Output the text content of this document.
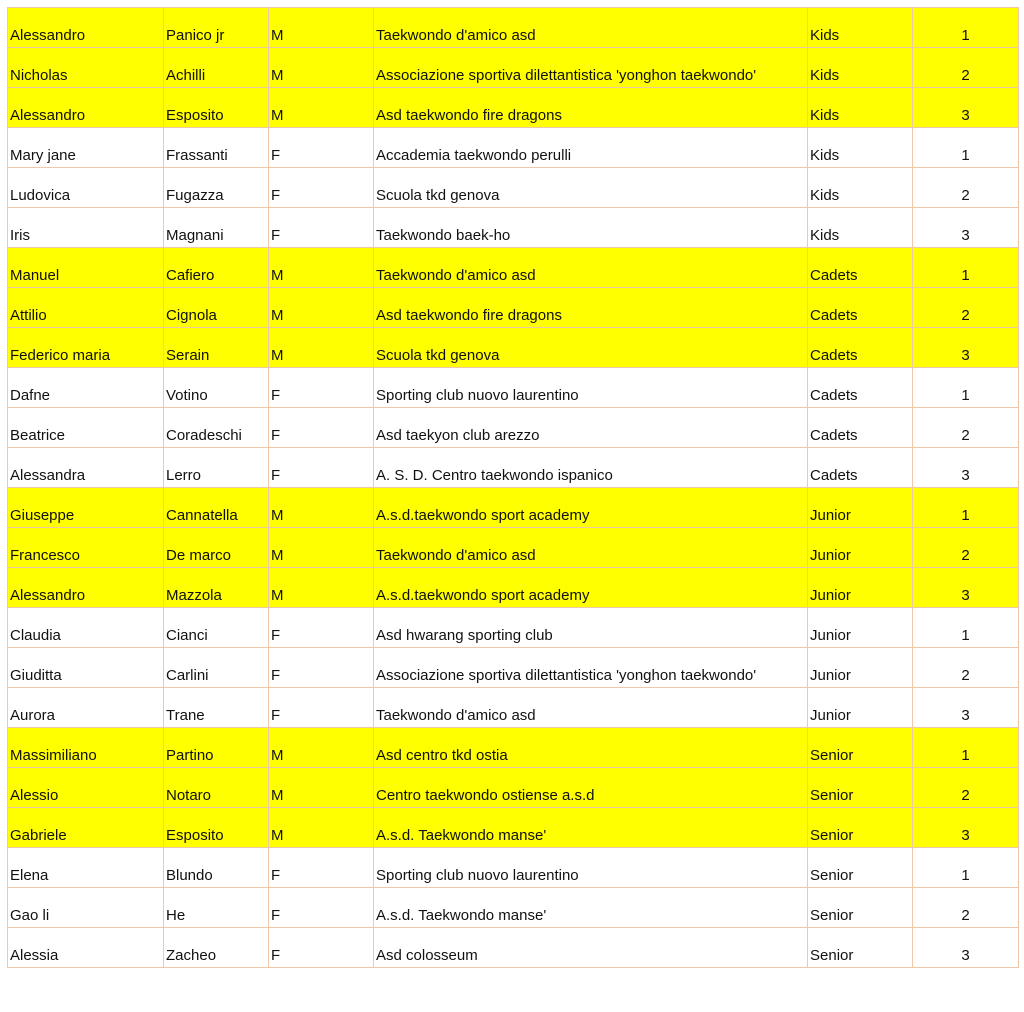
Alessandro	Panico jr	M	Taekwondo d'amico asd	Kids	1
Nicholas	Achilli	M	Associazione sportiva dilettantistica 'yonghon taekwondo'	Kids	2
Alessandro	Esposito	M	Asd taekwondo fire dragons	Kids	3
Mary jane	Frassanti	F	Accademia taekwondo perulli	Kids	1
Ludovica	Fugazza	F	Scuola tkd genova	Kids	2
Iris	Magnani	F	Taekwondo baek-ho	Kids	3
Manuel	Cafiero	M	Taekwondo d'amico asd	Cadets	1
Attilio	Cignola	M	Asd taekwondo fire dragons	Cadets	2
Federico maria	Serain	M	Scuola tkd genova	Cadets	3
Dafne	Votino	F	Sporting club nuovo laurentino	Cadets	1
Beatrice	Coradeschi	F	Asd taekyon club arezzo	Cadets	2
Alessandra	Lerro	F	A. S. D. Centro taekwondo ispanico	Cadets	3
Giuseppe	Cannatella	M	A.s.d.taekwondo sport academy	Junior	1
Francesco	De marco	M	Taekwondo d'amico asd	Junior	2
Alessandro	Mazzola	M	A.s.d.taekwondo sport academy	Junior	3
Claudia	Cianci	F	Asd hwarang sporting club	Junior	1
Giuditta	Carlini	F	Associazione sportiva dilettantistica 'yonghon taekwondo'	Junior	2
Aurora	Trane	F	Taekwondo d'amico asd	Junior	3
Massimiliano	Partino	M	Asd centro tkd ostia	Senior	1
Alessio	Notaro	M	Centro taekwondo ostiense a.s.d	Senior	2
Gabriele	Esposito	M	A.s.d. Taekwondo manse'	Senior	3
Elena	Blundo	F	Sporting club nuovo laurentino	Senior	1
Gao li	He	F	A.s.d. Taekwondo manse'	Senior	2
Alessia	Zacheo	F	Asd colosseum	Senior	3
